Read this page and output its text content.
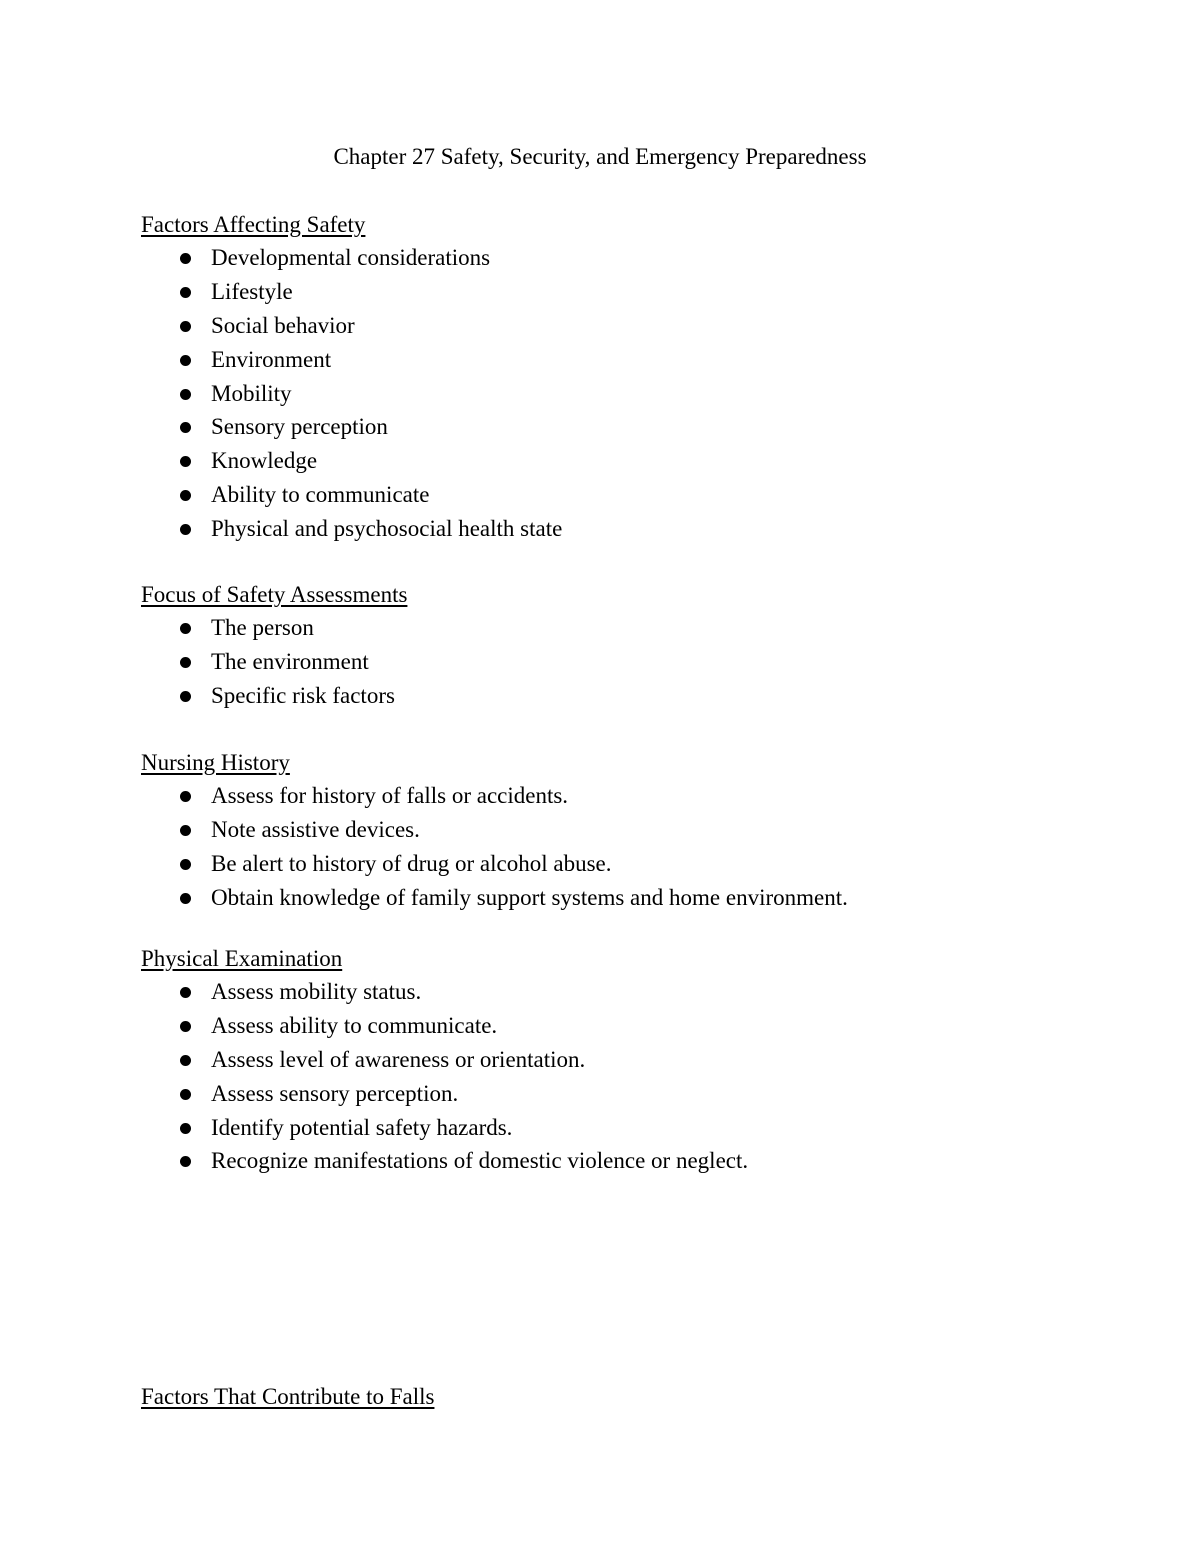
Chapter 27 Safety, Security, and Emergency Preparedness
Factors Affecting Safety
Developmental considerations
Lifestyle
Social behavior
Environment
Mobility
Sensory perception
Knowledge
Ability to communicate
Physical and psychosocial health state
Focus of Safety Assessments
The person
The environment
Specific risk factors
Nursing History
Assess for history of falls or accidents.
Note assistive devices.
Be alert to history of drug or alcohol abuse.
Obtain knowledge of family support systems and home environment.
Physical Examination
Assess mobility status.
Assess ability to communicate.
Assess level of awareness or orientation.
Assess sensory perception.
Identify potential safety hazards.
Recognize manifestations of domestic violence or neglect.
Factors That Contribute to Falls
